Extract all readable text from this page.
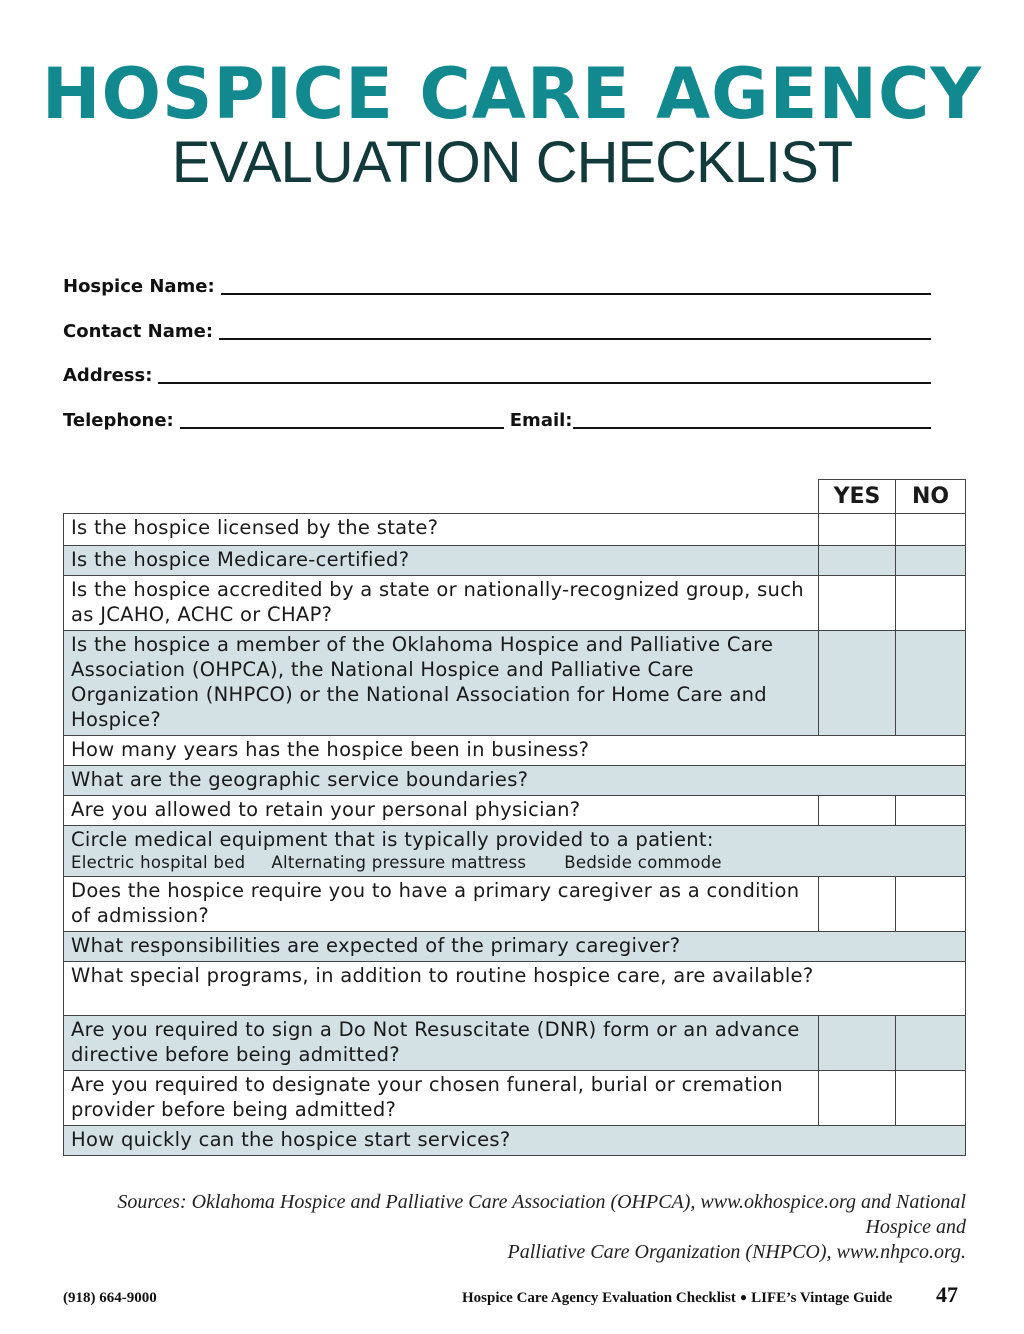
HOSPICE CARE AGENCY
EVALUATION CHECKLIST
Hospice Name:
Contact Name:
Address:
Telephone:	Email:
	YES	NO
Is the hospice licensed by the state?		
Is the hospice Medicare-certified?		
Is the hospice accredited by a state or nationally-recognized group, such as JCAHO, ACHC or CHAP?		
Is the hospice a member of the Oklahoma Hospice and Palliative Care Association (OHPCA), the National Hospice and Palliative Care Organization (NHPCO) or the National Association for Home Care and Hospice?		
How many years has the hospice been in business?		
What are the geographic service boundaries?		
Are you allowed to retain your personal physician?		

Circle medical equipment that is typically provided to a patient:
Electric hospital bed Alternating pressure mattress Bedside commode		

Does the hospice require you to have a primary caregiver as a condition of admission?		
What responsibilities are expected of the primary caregiver?		
What special programs, in addition to routine hospice care, are available?		
Are you required to sign a Do Not Resuscitate (DNR) form or an advance directive before being admitted?		
Are you required to designate your chosen funeral, burial or cremation provider before being admitted?		
How quickly can the hospice start services?		
Sources: Oklahoma Hospice and Palliative Care Association (OHPCA), www.okhospice.org and National Hospice and
Palliative Care Organization (NHPCO), www.nhpco.org.
(918) 664-9000	Hospice Care Agency Evaluation Checklist ● LIFE’s Vintage Guide 47
